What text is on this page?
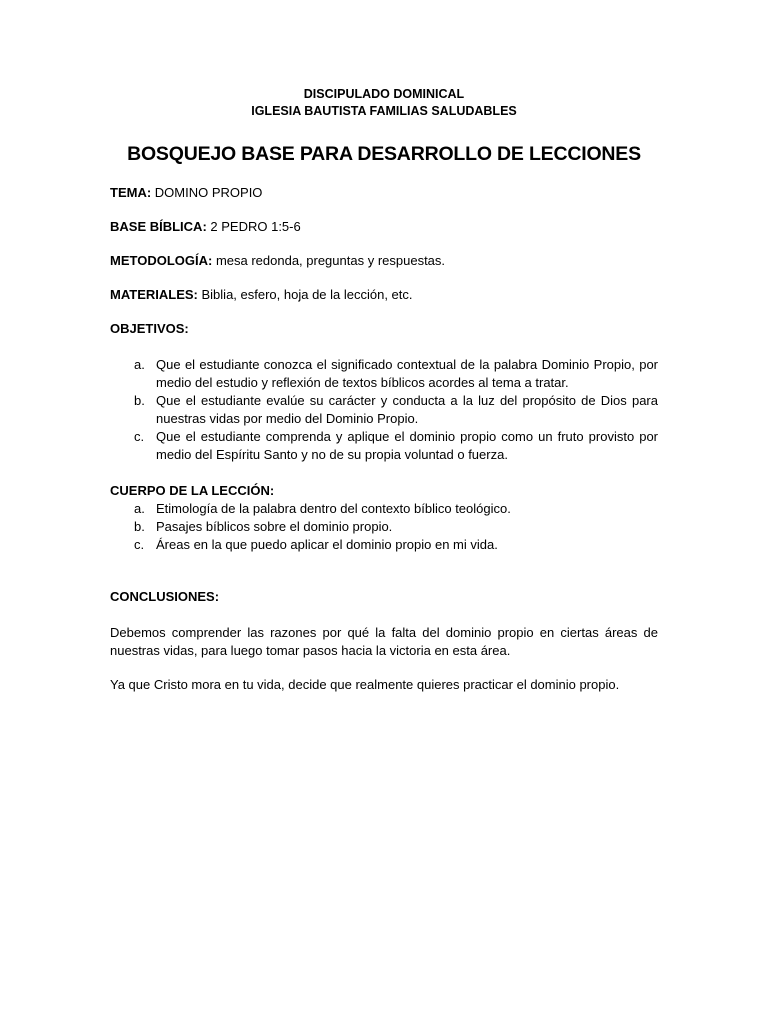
DISCIPULADO DOMINICAL
IGLESIA BAUTISTA FAMILIAS SALUDABLES
BOSQUEJO BASE PARA DESARROLLO DE LECCIONES
TEMA: DOMINO PROPIO
BASE BÍBLICA: 2 PEDRO 1:5-6
METODOLOGÍA: mesa redonda, preguntas y respuestas.
MATERIALES: Biblia, esfero, hoja de la lección, etc.
OBJETIVOS:
a. Que el estudiante conozca el significado contextual de la palabra Dominio Propio, por medio del estudio y reflexión de textos bíblicos acordes al tema a tratar.
b. Que el estudiante evalúe su carácter y conducta a la luz del propósito de Dios para nuestras vidas por medio del Dominio Propio.
c. Que el estudiante comprenda y aplique el dominio propio como un fruto provisto por medio del Espíritu Santo y no de su propia voluntad o fuerza.
CUERPO DE LA LECCIÓN:
a. Etimología de la palabra dentro del contexto bíblico teológico.
b. Pasajes bíblicos sobre el dominio propio.
c. Áreas en la que puedo aplicar el dominio propio en mi vida.
CONCLUSIONES:
Debemos comprender las razones por qué la falta del dominio propio en ciertas áreas de nuestras vidas, para luego tomar pasos hacia la victoria en esta área.
Ya que Cristo mora en tu vida, decide que realmente quieres practicar el dominio propio.
